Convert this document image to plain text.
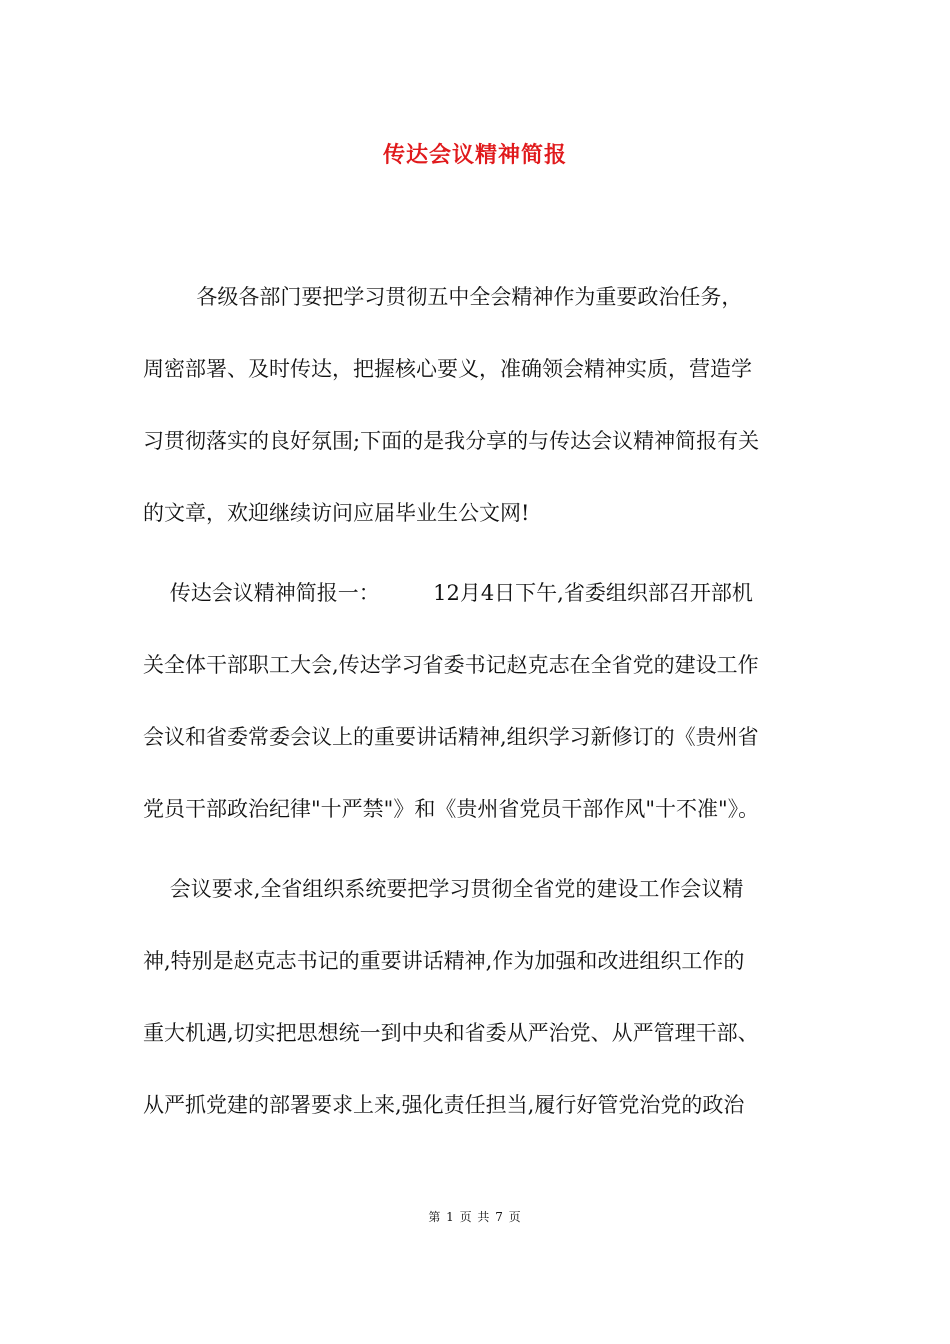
传达会议精神简报
各级各部门要把学习贯彻五中全会精神作为重要政治任务，
周密部署、及时传达，把握核心要义，准确领会精神实质，营造学
习贯彻落实的良好氛围;下面的是我分享的与传达会议精神简报有关
的文章，欢迎继续访问应届毕业生公文网!
传达会议精神简报一：        12月4日下午,省委组织部召开部机
关全体干部职工大会,传达学习省委书记赵克志在全省党的建设工作
会议和省委常委会议上的重要讲话精神,组织学习新修订的《贵州省
党员干部政治纪律"十严禁"》和《贵州省党员干部作风"十不准"》。
会议要求,全省组织系统要把学习贯彻全省党的建设工作会议精
神,特别是赵克志书记的重要讲话精神,作为加强和改进组织工作的
重大机遇,切实把思想统一到中央和省委从严治党、从严管理干部、
从严抓党建的部署要求上来,强化责任担当,履行好管党治党的政治
第 1 页 共 7 页
